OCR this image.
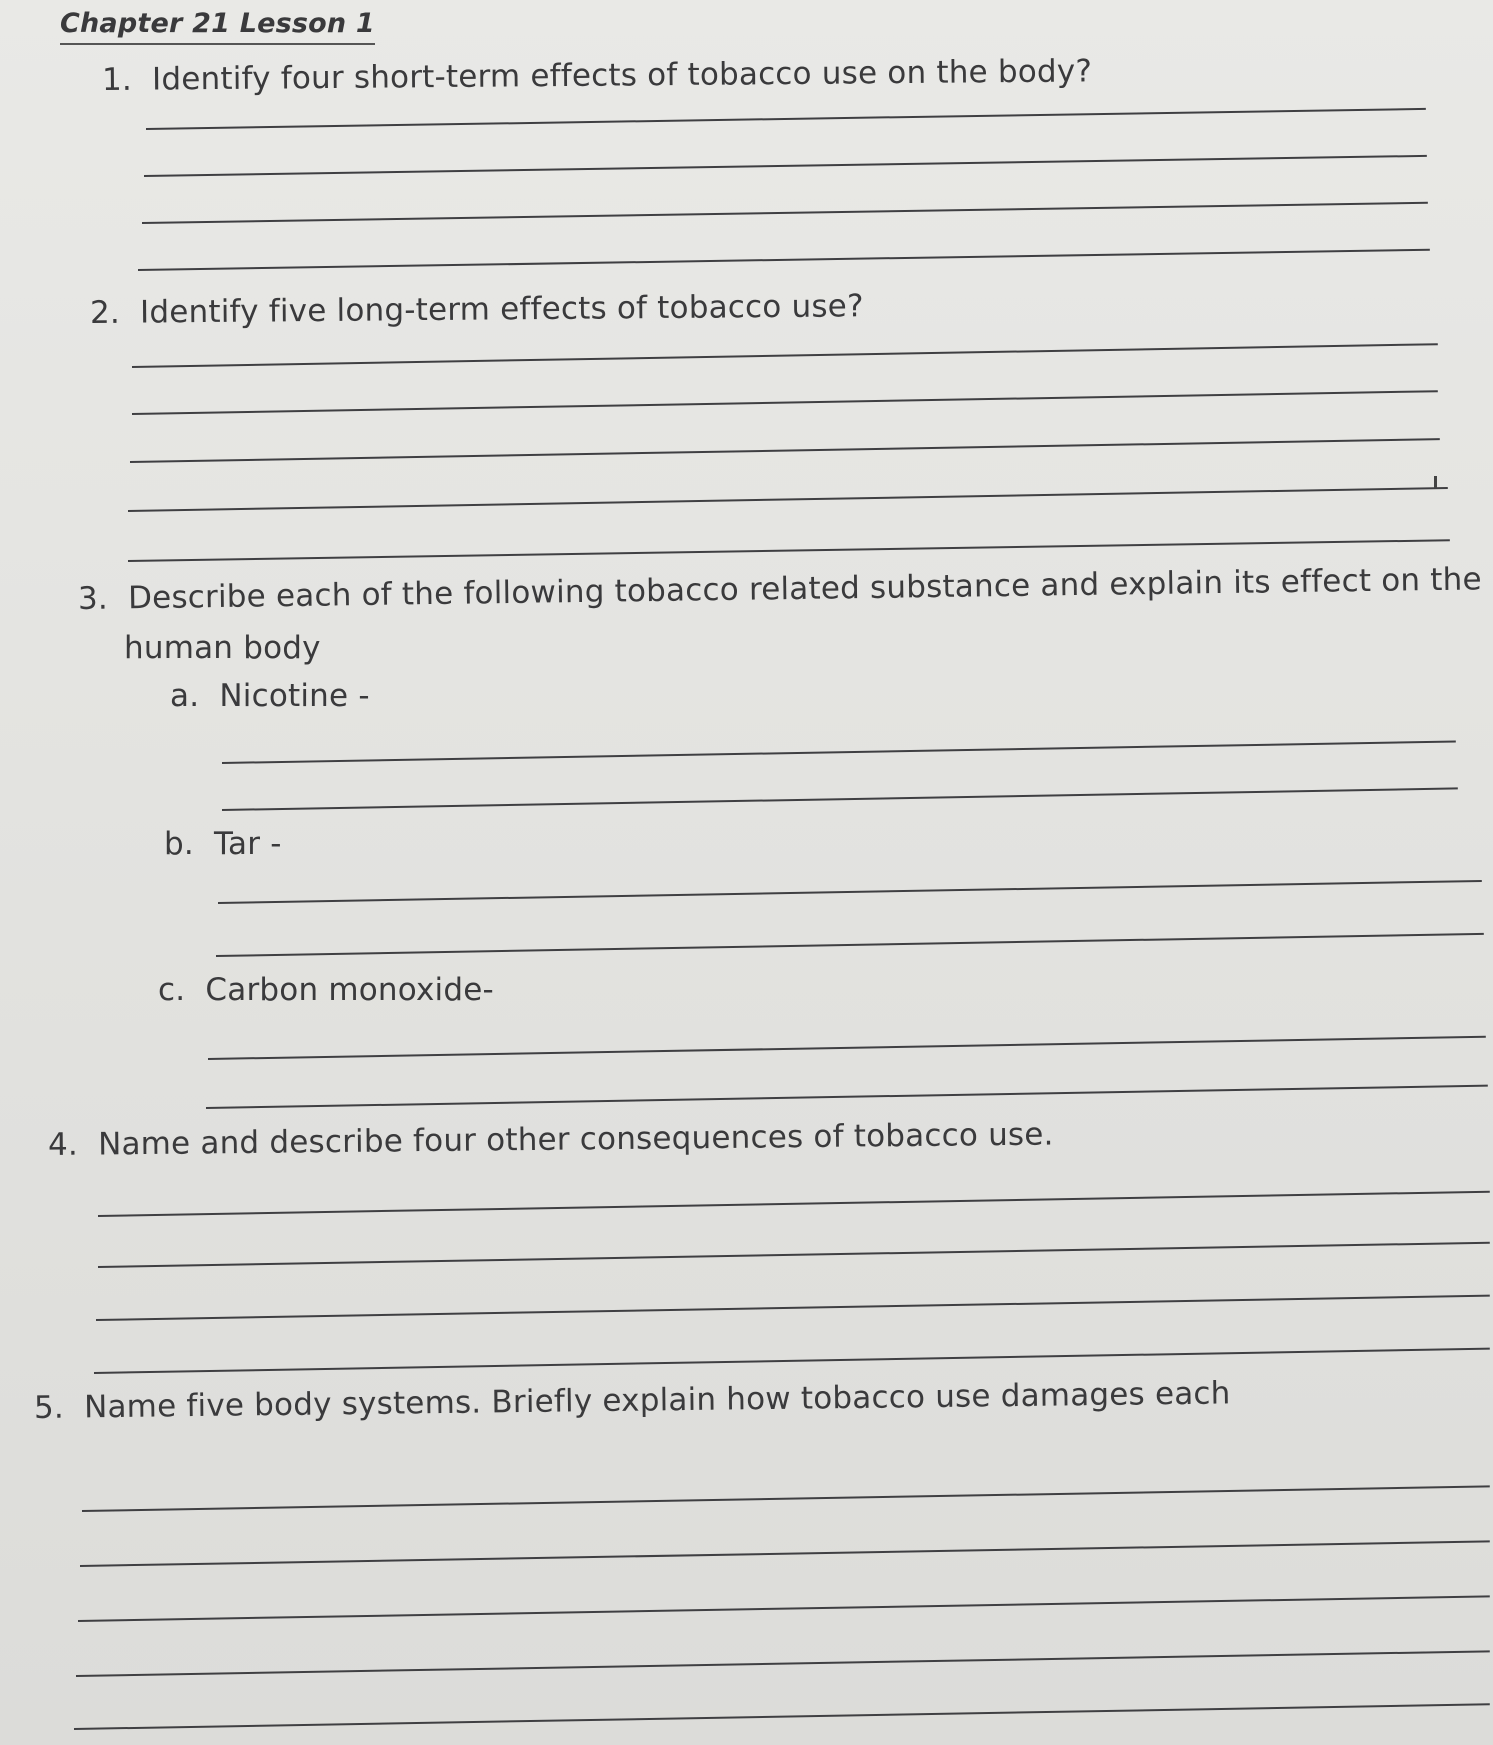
Chapter 21 Lesson 1
1. Identify four short-term effects of tobacco use on the body?
2. Identify five long-term effects of tobacco use?
3. Describe each of the following tobacco related substance and explain its effect on the
human body
a. Nicotine -
b. Tar -
c. Carbon monoxide-
4. Name and describe four other consequences of tobacco use.
5. Name five body systems. Briefly explain how tobacco use damages each
